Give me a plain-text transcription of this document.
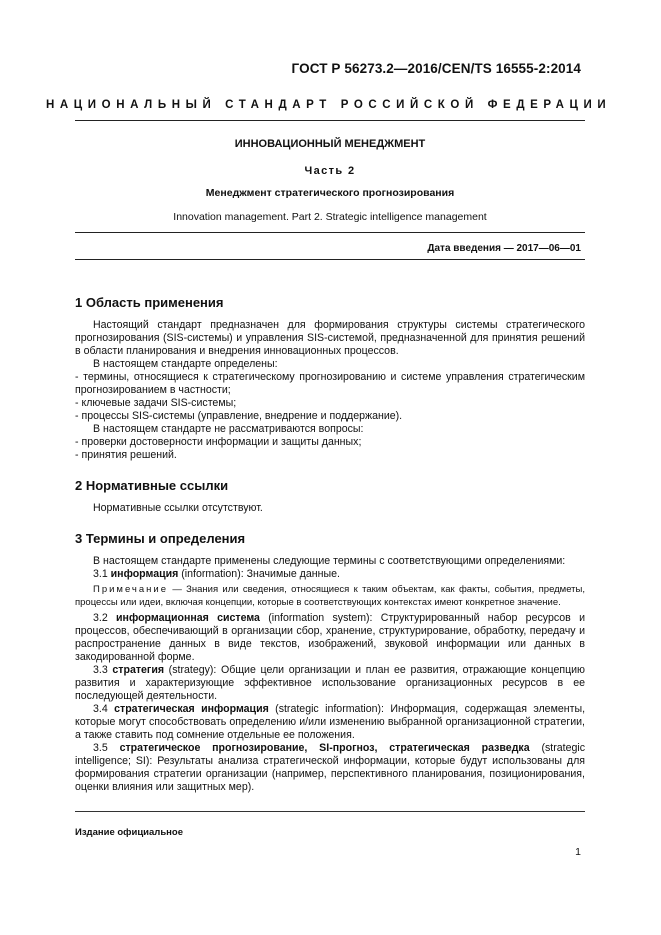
ГОСТ Р 56273.2—2016/CEN/TS 16555-2:2014
НАЦИОНАЛЬНЫЙ СТАНДАРТ РОССИЙСКОЙ ФЕДЕРАЦИИ
ИННОВАЦИОННЫЙ МЕНЕДЖМЕНТ
Часть 2
Менеджмент стратегического прогнозирования
Innovation management. Part 2. Strategic intelligence management
Дата введения — 2017—06—01
1 Область применения

Настоящий стандарт предназначен для формирования структуры системы стратегического прогнозирования (SIS-системы) и управления SIS-системой, предназначенной для принятия решений в области планирования и внедрения инновационных процессов.

В настоящем стандарте определены:

- термины, относящиеся к стратегическому прогнозированию и системе управления стратегическим прогнозированием в частности;

- ключевые задачи SIS-системы;

- процессы SIS-системы (управление, внедрение и поддержание).

В настоящем стандарте не рассматриваются вопросы:

- проверки достоверности информации и защиты данных;

- принятия решений.

2 Нормативные ссылки

Нормативные ссылки отсутствуют.

3 Термины и определения

В настоящем стандарте применены следующие термины с соответствующими определениями:

3.1 информация (information): Значимые данные.

Примечание — Знания или сведения, относящиеся к таким объектам, как факты, события, предметы, процессы или идеи, включая концепции, которые в соответствующих контекстах имеют конкретное значение.

3.2 информационная система (information system): Структурированный набор ресурсов и процессов, обеспечивающий в организации сбор, хранение, структурирование, обработку, передачу и распространение данных в виде текстов, изображений, звуковой информации или данных в закодированной форме.

3.3 стратегия (strategy): Общие цели организации и план ее развития, отражающие концепцию развития и характеризующие эффективное использование организационных ресурсов в ее последующей деятельности.

3.4 стратегическая информация (strategic information): Информация, содержащая элементы, которые могут способствовать определению и/или изменению выбранной организационной стратегии, а также ставить под сомнение отдельные ее положения.

3.5 стратегическое прогнозирование, SI-прогноз, стратегическая разведка (strategic intelligence; SI): Результаты анализа стратегической информации, которые будут использованы для формирования стратегии организации (например, перспективного планирования, позиционирования, оценки влияния или защитных мер).

Издание официальное
1
